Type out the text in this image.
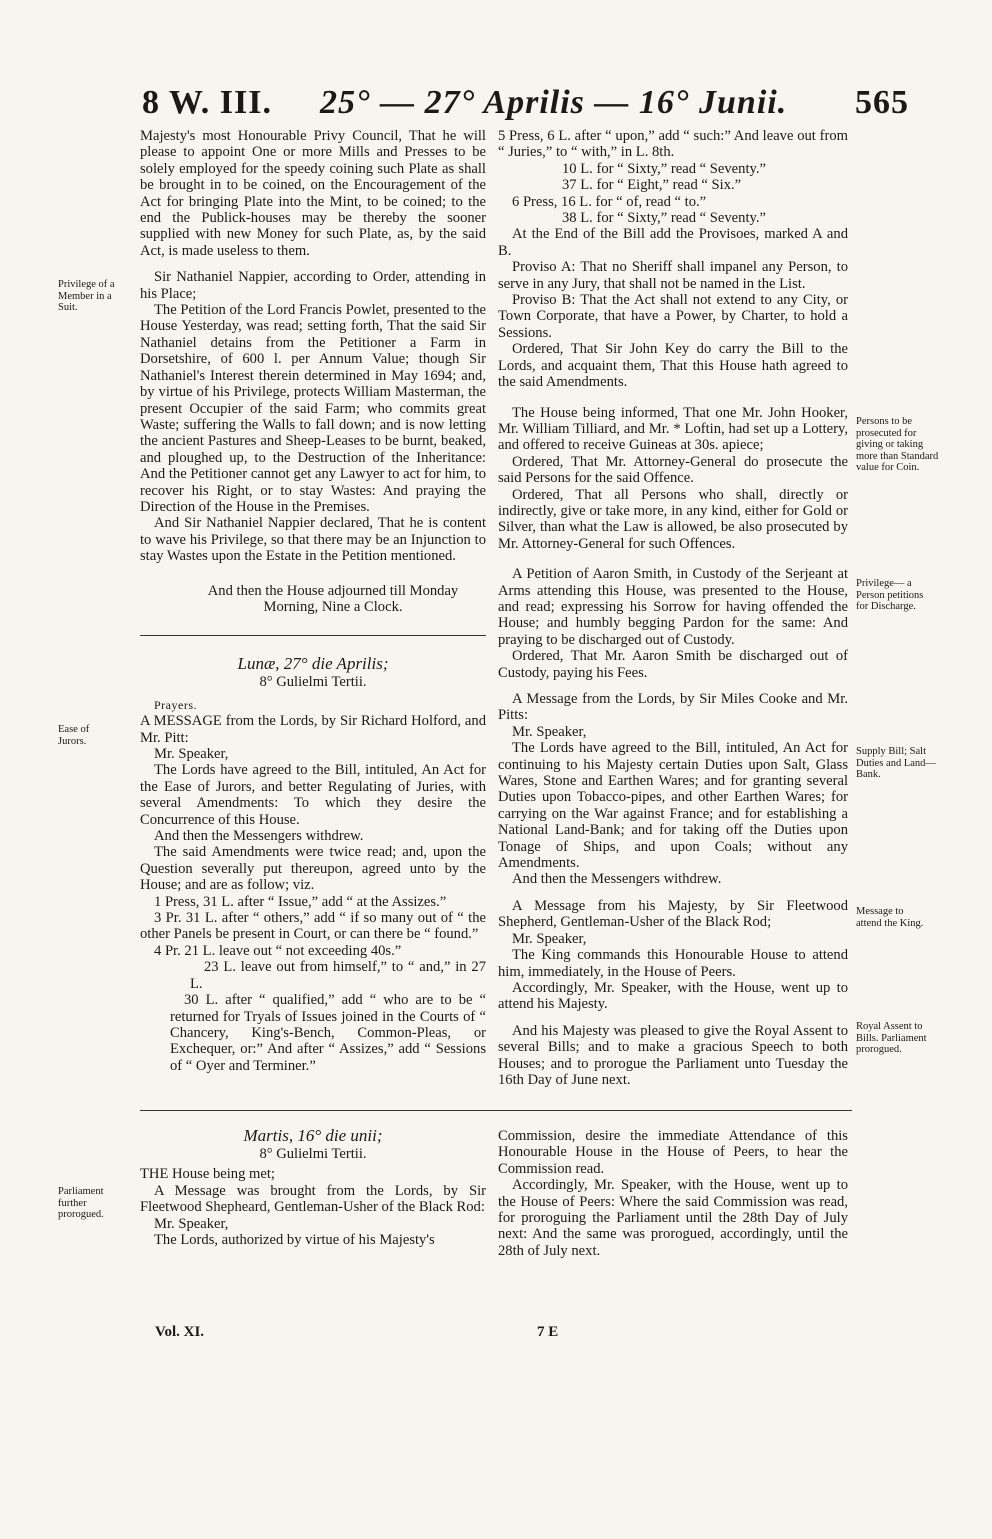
8 W. III. 25° — 27° Aprilis — 16° Junii. 565

Majesty's most Honourable Privy Council, That he will please to appoint One or more Mills and Presses to be solely employed for the speedy coining such Plate as shall be brought in to be coined, on the Encouragement of the Act for bringing Plate into the Mint, to be coined; to the end the Publick-houses may be thereby the sooner supplied with new Money for such Plate, as, by the said Act, is made useless to them.

Sir Nathaniel Nappier, according to Order, attending in his Place;

The Petition of the Lord Francis Powlet, presented to the House Yesterday, was read; setting forth, That the said Sir Nathaniel detains from the Petitioner a Farm in Dorsetshire, of 600 l. per Annum Value; though Sir Nathaniel's Interest therein determined in May 1694; and, by virtue of his Privilege, protects William Masterman, the present Occupier of the said Farm; who commits great Waste; suffering the Walls to fall down; and is now letting the ancient Pastures and Sheep-Leases to be burnt, beaked, and ploughed up, to the Destruction of the Inheritance: And the Petitioner cannot get any Lawyer to act for him, to recover his Right, or to stay Wastes: And praying the Direction of the House in the Premises.

And Sir Nathaniel Nappier declared, That he is content to wave his Privilege, so that there may be an Injunction to stay Wastes upon the Estate in the Petition mentioned.

And then the House adjourned till Monday Morning, Nine a Clock.

Lunæ, 27° die Aprilis;

8° Gulielmi Tertii.

Prayers.

A MESSAGE from the Lords, by Sir Richard Holford, and Mr. Pitt:

Mr. Speaker,

The Lords have agreed to the Bill, intituled, An Act for the Ease of Jurors, and better Regulating of Juries, with several Amendments: To which they desire the Concurrence of this House.

And then the Messengers withdrew.

The said Amendments were twice read; and, upon the Question severally put thereupon, agreed unto by the House; and are as follow; viz.

1 Press, 31 L. after “ Issue,” add “ at the Assizes.”

3 Pr. 31 L. after “ others,” add “ if so many out of “ the other Panels be present in Court, or can there be “ found.”

4 Pr. 21 L. leave out “ not exceeding 40s.”

23 L. leave out from himself,” to “ and,” in 27 L.

30 L. after “ qualified,” add “ who are to be “ returned for Tryals of Issues joined in the Courts of “ Chancery, King's-Bench, Common-Pleas, or Exchequer, or:” And after “ Assizes,” add “ Sessions of “ Oyer and Terminer.”

5 Press, 6 L. after “ upon,” add “ such:” And leave out from “ Juries,” to “ with,” in L. 8th.

10 L. for “ Sixty,” read “ Seventy.”

37 L. for “ Eight,” read “ Six.”

6 Press, 16 L. for “ of, read “ to.”

38 L. for “ Sixty,” read “ Seventy.”

At the End of the Bill add the Provisoes, marked A and B.

Proviso A: That no Sheriff shall impanel any Person, to serve in any Jury, that shall not be named in the List.

Proviso B: That the Act shall not extend to any City, or Town Corporate, that have a Power, by Charter, to hold a Sessions.

Ordered, That Sir John Key do carry the Bill to the Lords, and acquaint them, That this House hath agreed to the said Amendments.

The House being informed, That one Mr. John Hooker, Mr. William Tilliard, and Mr. * Loftin, had set up a Lottery, and offered to receive Guineas at 30s. apiece;

Ordered, That Mr. Attorney-General do prosecute the said Persons for the said Offence.

Ordered, That all Persons who shall, directly or indirectly, give or take more, in any kind, either for Gold or Silver, than what the Law is allowed, be also prosecuted by Mr. Attorney-General for such Offences.

A Petition of Aaron Smith, in Custody of the Serjeant at Arms attending this House, was presented to the House, and read; expressing his Sorrow for having offended the House; and humbly begging Pardon for the same: And praying to be discharged out of Custody.

Ordered, That Mr. Aaron Smith be discharged out of Custody, paying his Fees.

A Message from the Lords, by Sir Miles Cooke and Mr. Pitts:

Mr. Speaker,

The Lords have agreed to the Bill, intituled, An Act for continuing to his Majesty certain Duties upon Salt, Glass Wares, Stone and Earthen Wares; and for granting several Duties upon Tobacco-pipes, and other Earthen Wares; for carrying on the War against France; and for establishing a National Land-Bank; and for taking off the Duties upon Tonage of Ships, and upon Coals; without any Amendments.

And then the Messengers withdrew.

A Message from his Majesty, by Sir Fleetwood Shepherd, Gentleman-Usher of the Black Rod;

Mr. Speaker,

The King commands this Honourable House to attend him, immediately, in the House of Peers.

Accordingly, Mr. Speaker, with the House, went up to attend his Majesty.

And his Majesty was pleased to give the Royal Assent to several Bills; and to make a gracious Speech to both Houses; and to prorogue the Parliament unto Tuesday the 16th Day of June next.

Martis, 16° die unii;

8° Gulielmi Tertii.

THE House being met;

A Message was brought from the Lords, by Sir Fleetwood Shepheard, Gentleman-Usher of the Black Rod:

Mr. Speaker,

The Lords, authorized by virtue of his Majesty's

Commission, desire the immediate Attendance of this Honourable House in the House of Peers, to hear the Commission read.

Accordingly, Mr. Speaker, with the House, went up to the House of Peers: Where the said Commission was read, for proroguing the Parliament until the 28th Day of July next: And the same was prorogued, accordingly, until the 28th of July next.

Privilege of a Member in a Suit.
Ease of Jurors.
Persons to be prosecuted for giving or taking more than Standard value for Coin.
Privilege— a Person petitions for Discharge.
Supply Bill; Salt Duties and Land— Bank.
Message to attend the King.
Royal Assent to Bills. Parliament prorogued.
Parliament further prorogued.
Vol. XI.	7 E
